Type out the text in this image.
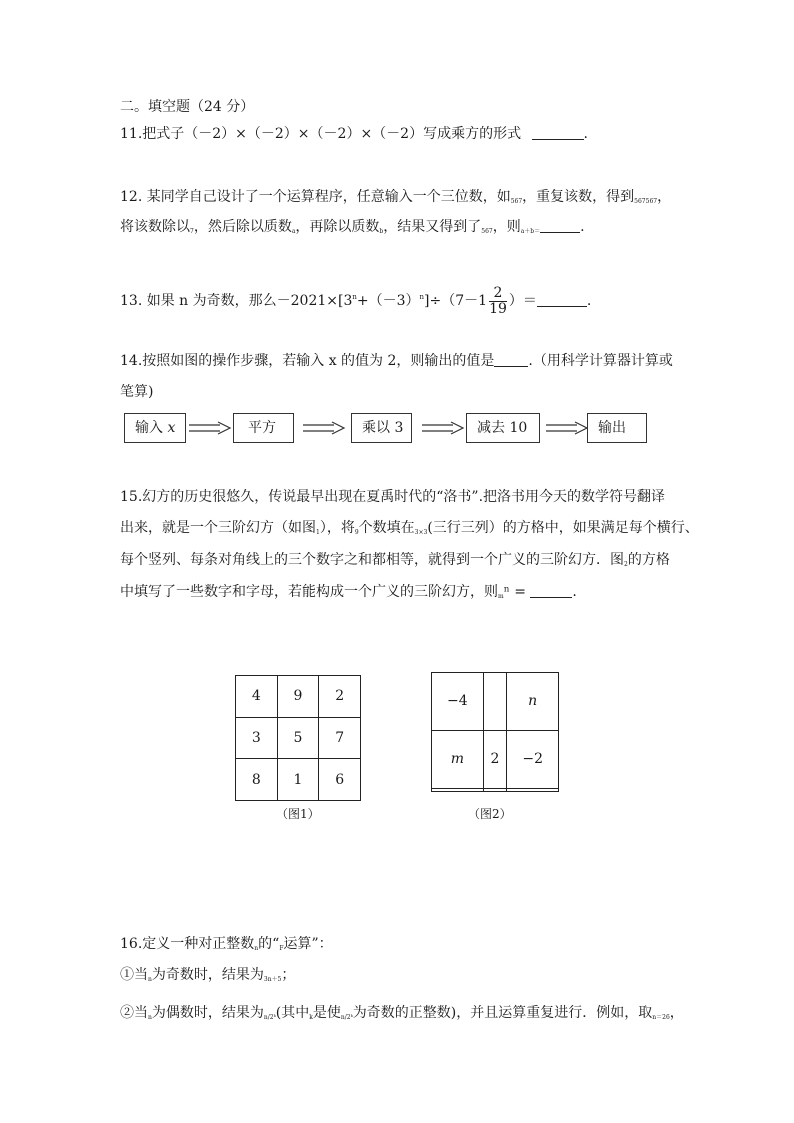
二。填空题（24 分）
11.把式子（－2）×（－2）×（－2）×（－2）写成乘方的形式	.
12. 某同学自己设计了一个运算程序，任意输入一个三位数，如$_{567}$，重复该数，得到$_{567567}$，
将该数除以$_7$，然后除以质数$_a$，再除以质数$_b$，结果又得到了$_{567}$，则$_{a+b=}$	.
13. 如果 n 为奇数，那么$-2021\times[3^n+(-3)^n]\div(7-1 \frac{2}{19}$ ）＝	.
14.按照如图的操作步骤，若输入 x 的值为 2，则输出的值是 .（用科学计算器计算或
笔算)
输入 x	平方	乘以 3	减去 10	输出
15.幻方的历史很悠久，传说最早出现在夏禹时代的“洛书”.把洛书用今天的数学符号翻译
出来，就是一个三阶幻方（如图$_1$），将$_9$个数填在$_{3\times 3}$(三行三列）的方格中，如果满足每个横行、
每个竖列、每条对角线上的三个数字之和都相等，就得到一个广义的三阶幻方．图$_2$的方格
中填写了一些数字和字母，若能构成一个广义的三阶幻方，则$_m$ⁿ =	.
4	9	2
3	5	7
8	1	6
（图1）
−4		n
m	2	−2

（图2）
16.定义一种对正整数$_n$的“$_F$运算”：
①当$_n$为奇数时，结果为$_{3n+5}$；
②当$_n$为偶数时，结果为$_{n/2ᵏ}$(其中$_k$是使$_{n/2ᵏ}$为奇数的正整数)，并且运算重复进行．例如，取$_{n=26}$，
